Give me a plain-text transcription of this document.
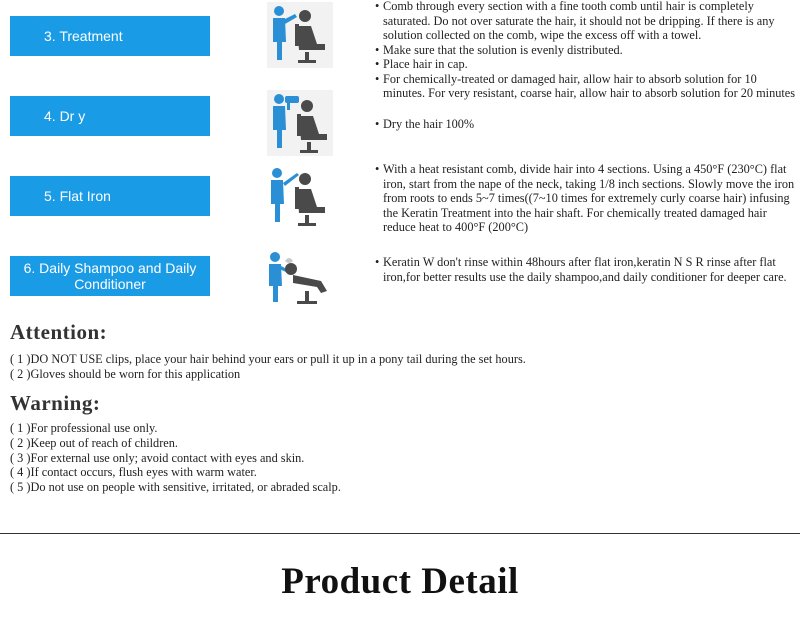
3. Treatment
• Comb through every section with a fine tooth comb until hair is completely saturated. Do not over saturate the hair, it should not be dripping. If there is any solution collected on the comb, wipe the excess off with a towel.
• Make sure that the solution is evenly distributed.
• Place hair in cap.
• For chemically-treated or damaged hair, allow hair to absorb solution for 10 minutes. For very resistant, coarse hair, allow hair to absorb solution for 20 minutes
4. Dr y	• Dry the hair 100%
5. Flat Iron
• With a heat resistant comb, divide hair into 4 sections. Using a 450°F (230°C) flat iron, start from the nape of the neck, taking 1/8 inch sections. Slowly move the iron from roots to ends 5~7 times((7~10 times for extremely curly coarse hair) infusing the Keratin Treatment into the hair shaft. For chemically treated damaged hair reduce heat to 400°F (200°C)
6. Daily Shampoo and Daily Conditioner
• Keratin W don't rinse within 48hours after flat iron,keratin N S R rinse after flat iron,for better results use the daily shampoo,and daily conditioner for deeper care.
Attention:
( 1 )DO NOT USE clips, place your hair behind your ears or pull it up in a pony tail during the set hours.
( 2 )Gloves should be worn for this application
Warning:
( 1 )For professional use only.
( 2 )Keep out of reach of children.
( 3 )For external use only; avoid contact with eyes and skin.
( 4 )If contact occurs, flush eyes with warm water.
( 5 )Do not use on people with sensitive, irritated, or abraded scalp.
Product Detail
